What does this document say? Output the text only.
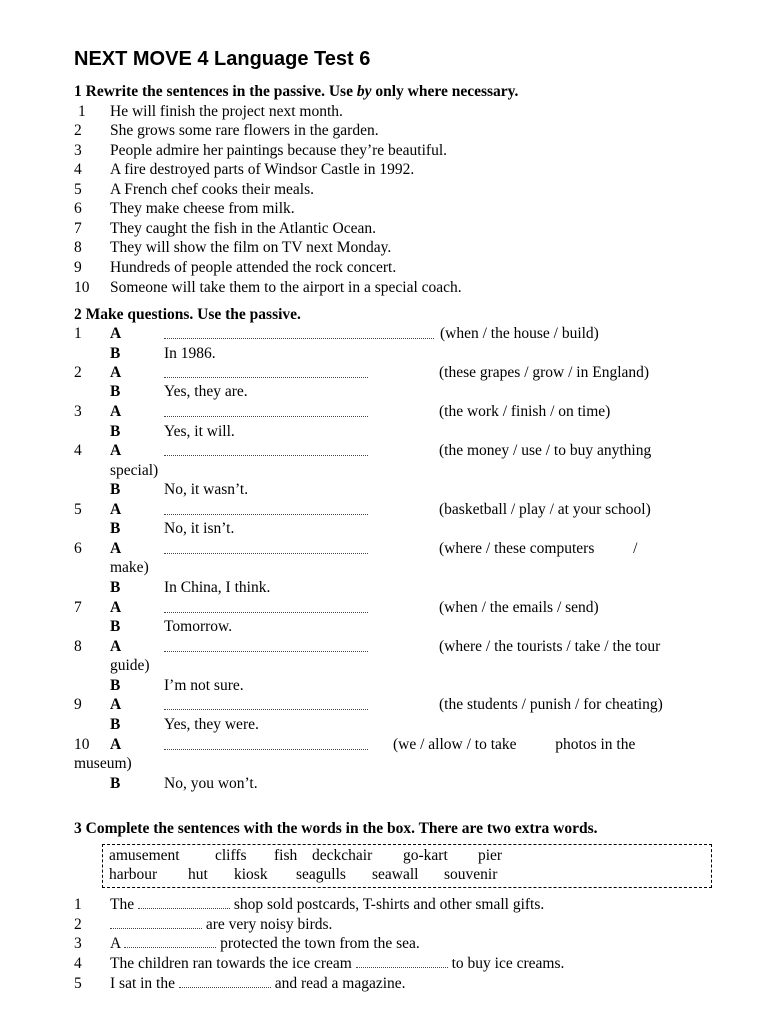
NEXT MOVE 4 Language Test 6
1 Rewrite the sentences in the passive. Use by only where necessary.
1	He will finish the project next month.
2	She grows some rare flowers in the garden.
3	People admire her paintings because they’re beautiful.
4	A fire destroyed parts of Windsor Castle in 1992.
5	A French chef cooks their meals.
6	They make cheese from milk.
7	They caught the fish in the Atlantic Ocean.
8	They will show the film on TV next Monday.
9	Hundreds of people attended the rock concert.
10	Someone will take them to the airport in a special coach.
2 Make questions. Use the passive.
1	A	(when / the house / build)
B	In 1986.
2	A	(these grapes / grow / in England)
B	Yes, they are.
3	A	(the work / finish / on time)
B	Yes, it will.
4	A	(the money / use / to buy anything
special)
B	No, it wasn’t.
5	A	(basketball / play / at your school)
B	No, it isn’t.
6	A	(where / these computers          /
make)
B	In China, I think.
7	A	(when / the emails / send)
B	Tomorrow.
8	A	(where / the tourists / take / the tour
guide)
B	I’m not sure.
9	A	(the students / punish / for cheating)
B	Yes, they were.
10	A	(we / allow / to take          photos in the
museum)
B	No, you won’t.
3 Complete the sentences with the words in the box. There are two extra words.
amusement cliffs fish deckchair go-kart pier
harbour hut kiosk seagulls seawall souvenir
1	The	shop sold postcards, T-shirts and other small gifts.
2	are very noisy birds.
3	A	protected the town from the sea.
4	The children ran towards the ice cream	to buy ice creams.
5	I sat in the	and read a magazine.
